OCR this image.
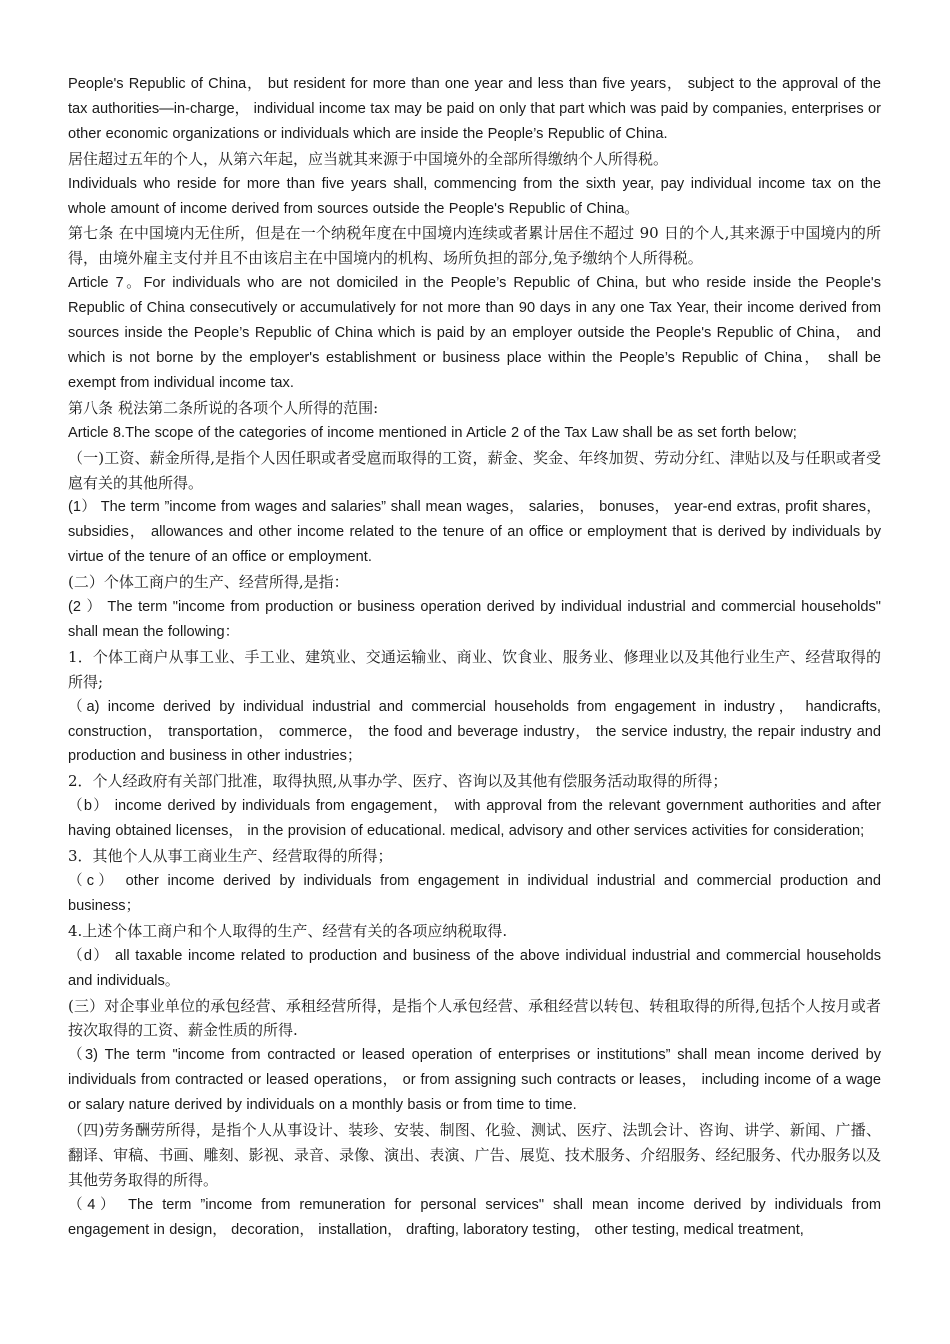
People's Republic of China， but resident for more than one year and less than five years， subject to the approval of the tax authorities—in-charge， individual income tax may be paid on only that part which was paid by companies, enterprises or other economic organizations or individuals which are inside the People’s Republic of China.

居住超过五年的个人，从第六年起，应当就其来源于中国境外的全部所得缴纳个人所得税。

Individuals who reside for more than five years shall, commencing from the sixth year, pay individual income tax on the whole amount of income derived from sources outside the People's Republic of China。

第七条 在中国境内无住所，但是在一个纳税年度在中国境内连续或者累计居住不超过 90 日的个人,其来源于中国境内的所得，由境外雇主支付并且不由该启主在中国境内的机构、场所负担的部分,兔予缴纳个人所得税。

Article 7。For individuals who are not domiciled in the People’s Republic of China, but who reside inside the People's Republic of China consecutively or accumulatively for not more than 90 days in any one Tax Year, their income derived from sources inside the People’s Republic of China which is paid by an employer outside the People's Republic of China， and which is not borne by the employer's establishment or business place within the People’s Republic of China， shall be exempt from individual income tax.

第八条 税法第二条所说的各项个人所得的范围:

Article 8.The scope of the categories of income mentioned in Article 2 of the Tax Law shall be as set forth below;

（一)工资、薪金所得,是指个人因任职或者受扈而取得的工资，薪金、奖金、年终加贺、劳动分红、津贴以及与任职或者受扈有关的其他所得。

(1） The term ”income from wages and salaries” shall mean wages， salaries， bonuses， year-end extras, profit shares， subsidies， allowances and other income related to the tenure of an office or employment that is derived by individuals by virtue of the tenure of an office or employment.

(二）个体工商户的生产、经营所得,是指：

(2 ） The term "income from production or business operation derived by individual industrial and commercial households" shall mean the following：

1．个体工商户从事工业、手工业、建筑业、交通运输业、商业、饮食业、服务业、修理业以及其他行业生产、经营取得的所得;

（a) income derived by individual industrial and commercial households from engagement in industry， handicrafts, construction， transportation， commerce， the food and beverage industry， the service industry, the repair industry and production and business in other industries；

2．个人经政府有关部门批准，取得执照,从事办学、医疗、咨询以及其他有偿服务活动取得的所得；

（b） income derived by individuals from engagement， with approval from the relevant government authorities and after having obtained licenses， in the provision of educational. medical, advisory and other services activities for consideration;

3．其他个人从事工商业生产、经营取得的所得；

（c） other income derived by individuals from engagement in individual industrial and commercial production and business；

4.上述个体工商户和个人取得的生产、经营有关的各项应纳税取得.

（d） all taxable income related to production and business of the above individual industrial and commercial households and individuals。

(三）对企事业单位的承包经营、承租经营所得，是指个人承包经营、承租经营以转包、转租取得的所得,包括个人按月或者按次取得的工资、薪金性质的所得.

（3) The term "income from contracted or leased operation of enterprises or institutions” shall mean income derived by individuals from contracted or leased operations， or from assigning such contracts or leases， including income of a wage or salary nature derived by individuals on a monthly basis or from time to time.

（四)劳务酬劳所得，是指个人从事设计、装珍、安装、制图、化验、测试、医疗、法凯会计、咨询、讲学、新闻、广播、翻译、审稿、书画、雕刻、影视、录音、录像、演出、表演、广告、展览、技术服务、介绍服务、经纪服务、代办服务以及其他劳务取得的所得。

（4） The term ”income from remuneration for personal services" shall mean income derived by individuals from engagement in design， decoration， installation， drafting, laboratory testing， other testing, medical treatment,
